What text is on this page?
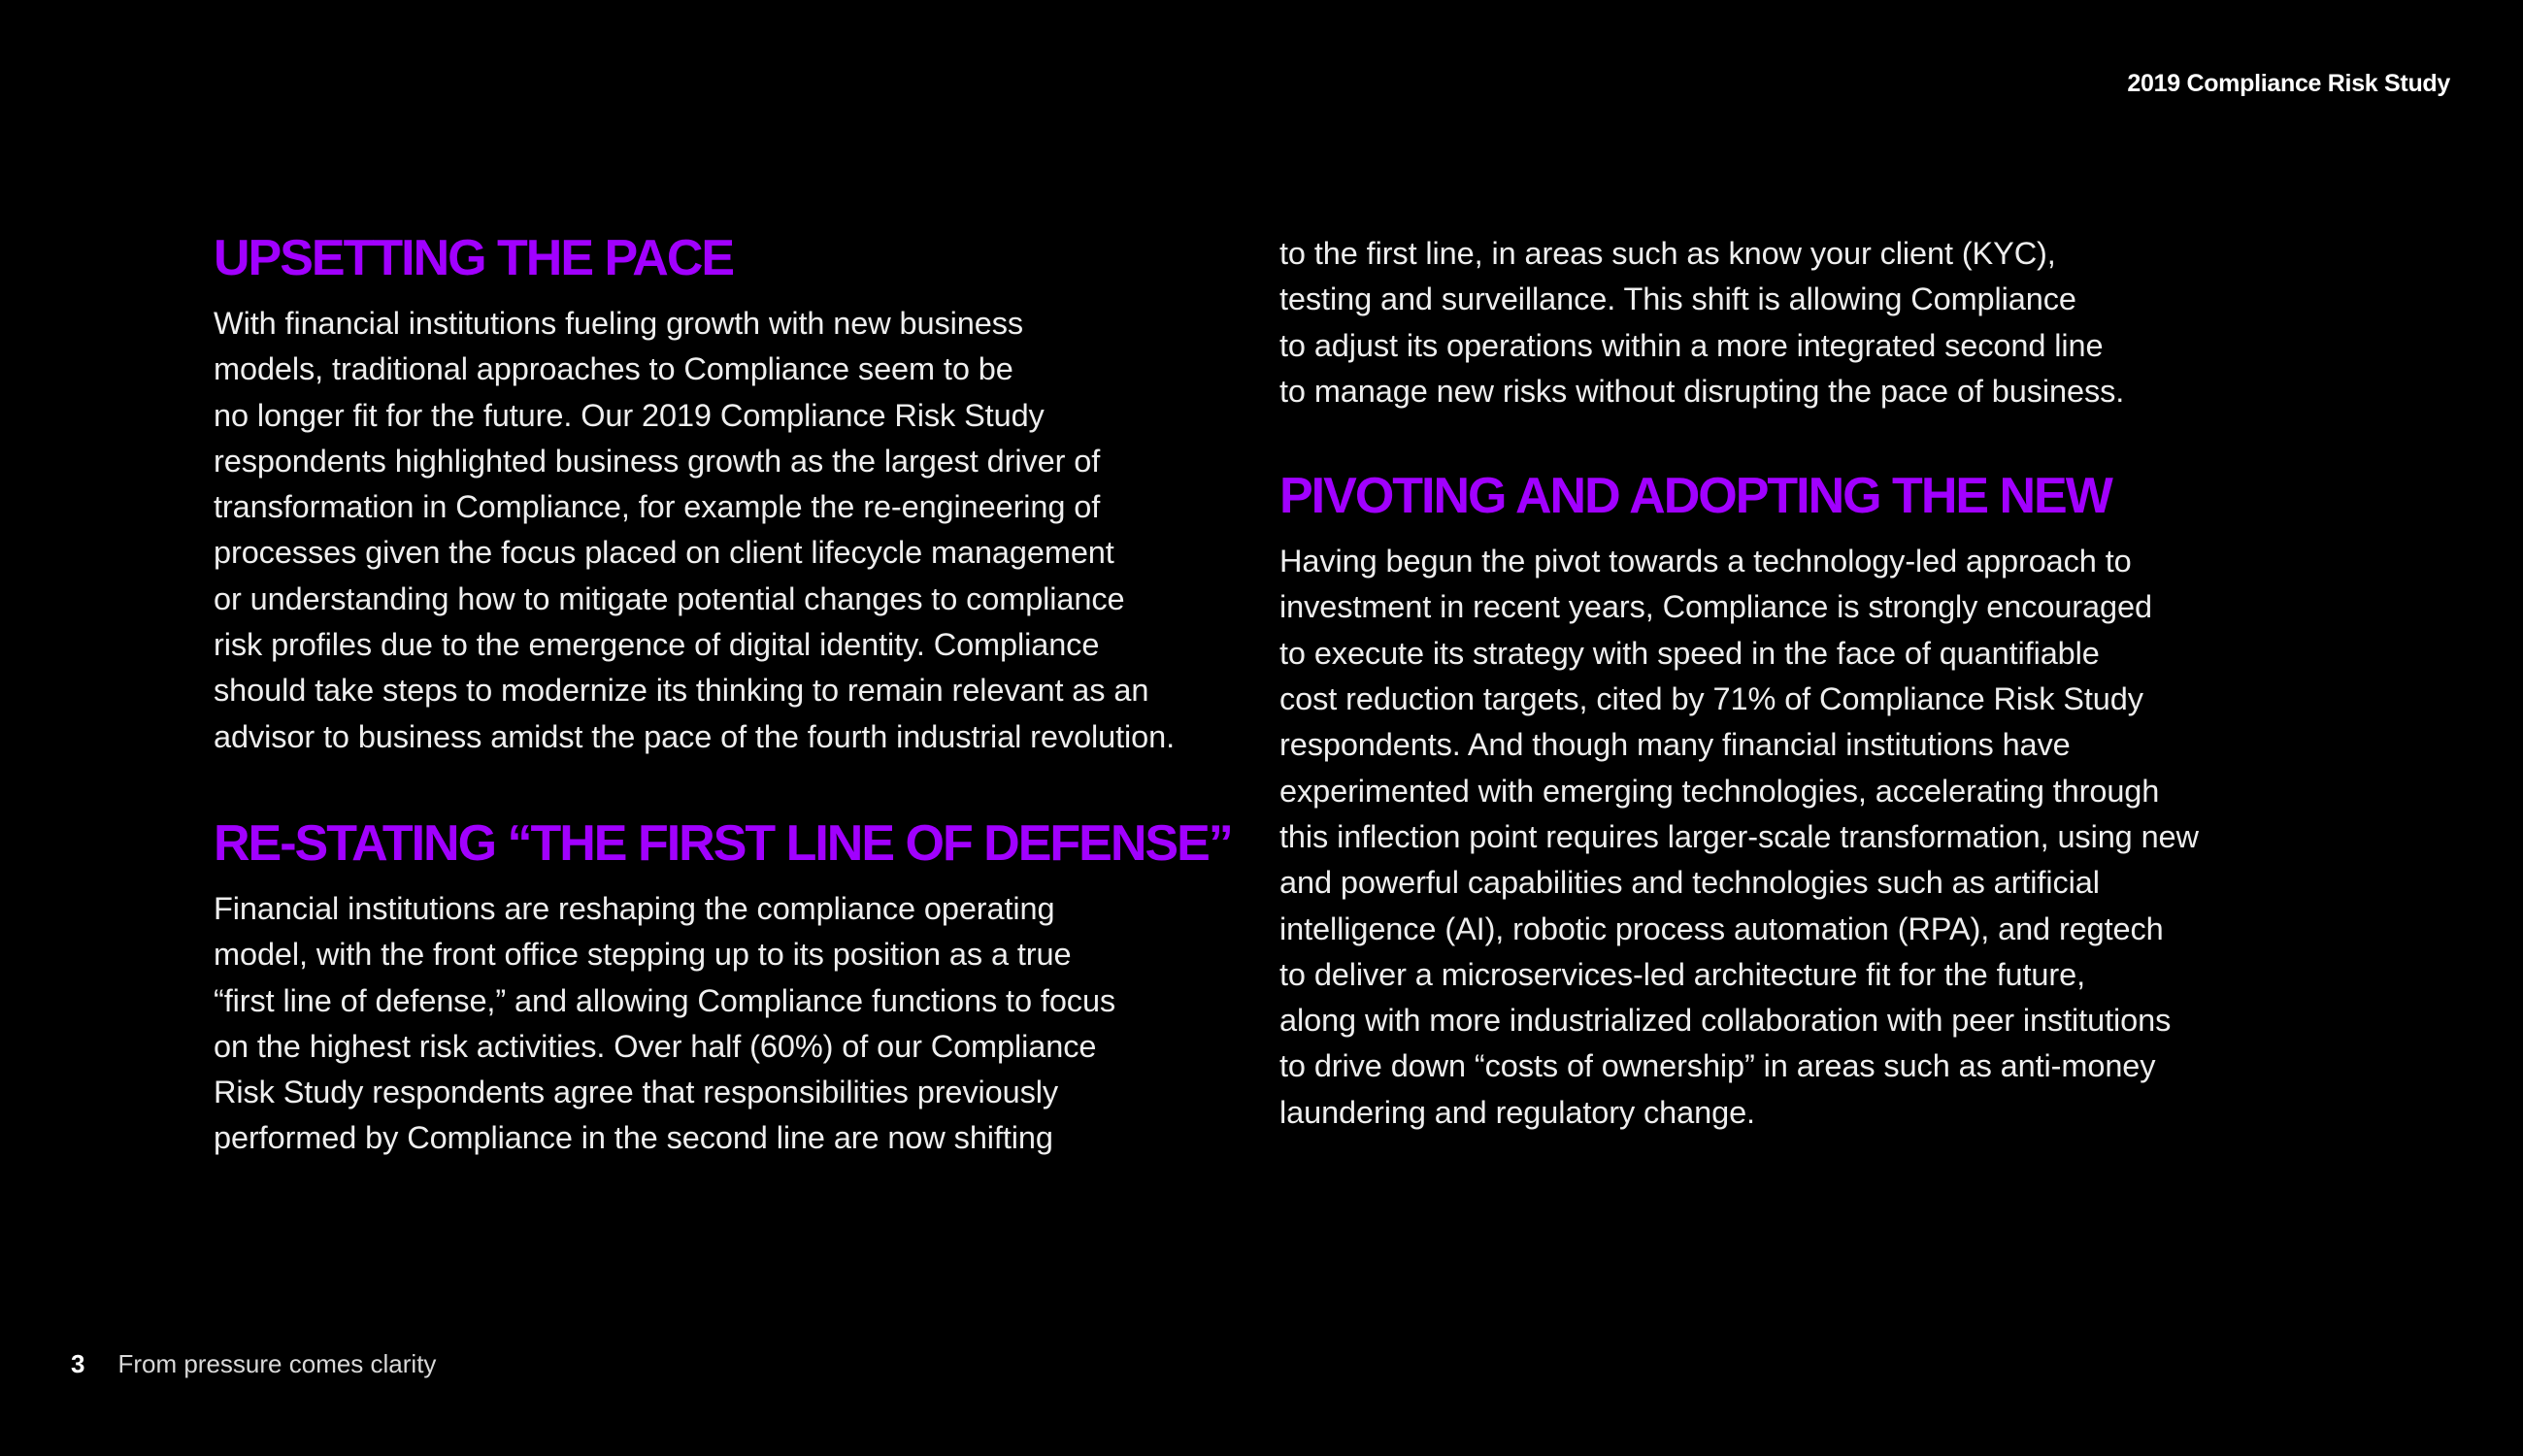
2019 Compliance Risk Study
UPSETTING THE PACE

With financial institutions fueling growth with new business
models, traditional approaches to Compliance seem to be
no longer fit for the future. Our 2019 Compliance Risk Study
respondents highlighted business growth as the largest driver of
transformation in Compliance, for example the re-engineering of
processes given the focus placed on client lifecycle management
or understanding how to mitigate potential changes to compliance
risk profiles due to the emergence of digital identity. Compliance
should take steps to modernize its thinking to remain relevant as an
advisor to business amidst the pace of the fourth industrial revolution.

RE-STATING “THE FIRST LINE OF DEFENSE”

Financial institutions are reshaping the compliance operating
model, with the front office stepping up to its position as a true
“first line of defense,” and allowing Compliance functions to focus
on the highest risk activities. Over half (60%) of our Compliance
Risk Study respondents agree that responsibilities previously
performed by Compliance in the second line are now shifting

to the first line, in areas such as know your client (KYC),
testing and surveillance. This shift is allowing Compliance
to adjust its operations within a more integrated second line
to manage new risks without disrupting the pace of business.

PIVOTING AND ADOPTING THE NEW

Having begun the pivot towards a technology-led approach to
investment in recent years, Compliance is strongly encouraged
to execute its strategy with speed in the face of quantifiable
cost reduction targets, cited by 71% of Compliance Risk Study
respondents. And though many financial institutions have
experimented with emerging technologies, accelerating through
this inflection point requires larger-scale transformation, using new
and powerful capabilities and technologies such as artificial
intelligence (AI), robotic process automation (RPA), and regtech
to deliver a microservices-led architecture fit for the future,
along with more industrialized collaboration with peer institutions
to drive down “costs of ownership” in areas such as anti-money
laundering and regulatory change.

3 From pressure comes clarity
